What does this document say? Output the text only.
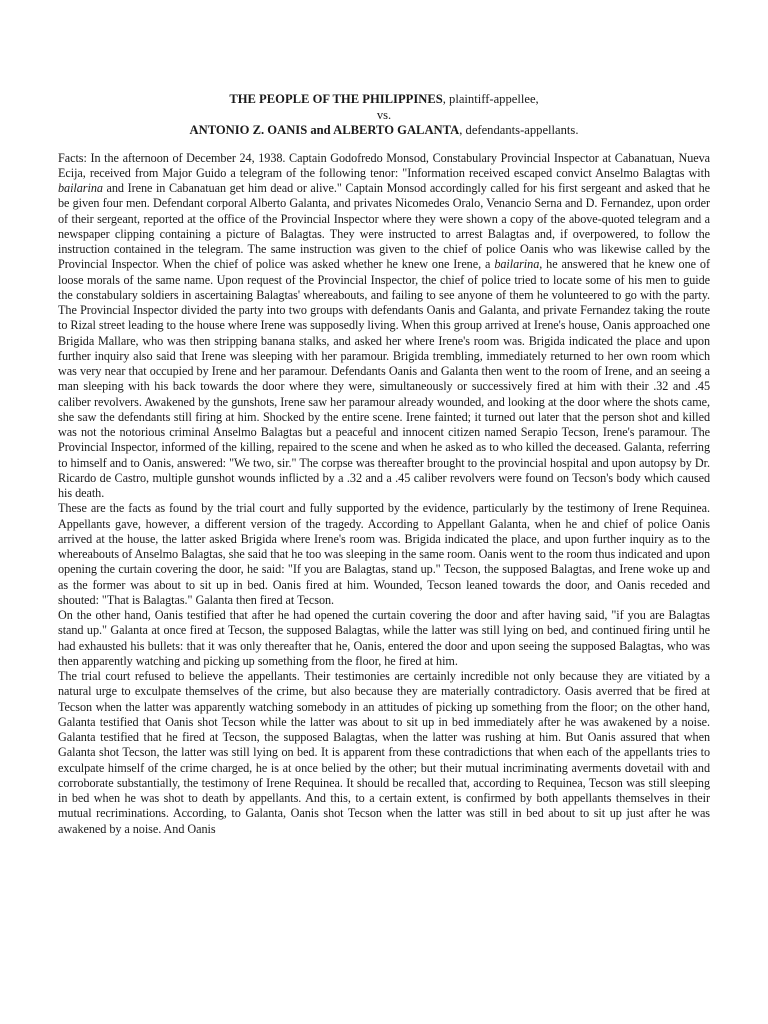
THE PEOPLE OF THE PHILIPPINES, plaintiff-appellee,
vs.
ANTONIO Z. OANIS and ALBERTO GALANTA, defendants-appellants.

Facts: In the afternoon of December 24, 1938. Captain Godofredo Monsod, Constabulary Provincial Inspector at Cabanatuan, Nueva Ecija, received from Major Guido a telegram of the following tenor: "Information received escaped convict Anselmo Balagtas with bailarina and Irene in Cabanatuan get him dead or alive." Captain Monsod accordingly called for his first sergeant and asked that he be given four men. Defendant corporal Alberto Galanta, and privates Nicomedes Oralo, Venancio Serna and D. Fernandez, upon order of their sergeant, reported at the office of the Provincial Inspector where they were shown a copy of the above-quoted telegram and a newspaper clipping containing a picture of Balagtas. They were instructed to arrest Balagtas and, if overpowered, to follow the instruction contained in the telegram. The same instruction was given to the chief of police Oanis who was likewise called by the Provincial Inspector. When the chief of police was asked whether he knew one Irene, a bailarina, he answered that he knew one of loose morals of the same name. Upon request of the Provincial Inspector, the chief of police tried to locate some of his men to guide the constabulary soldiers in ascertaining Balagtas' whereabouts, and failing to see anyone of them he volunteered to go with the party. The Provincial Inspector divided the party into two groups with defendants Oanis and Galanta, and private Fernandez taking the route to Rizal street leading to the house where Irene was supposedly living. When this group arrived at Irene's house, Oanis approached one Brigida Mallare, who was then stripping banana stalks, and asked her where Irene's room was. Brigida indicated the place and upon further inquiry also said that Irene was sleeping with her paramour. Brigida trembling, immediately returned to her own room which was very near that occupied by Irene and her paramour. Defendants Oanis and Galanta then went to the room of Irene, and an seeing a man sleeping with his back towards the door where they were, simultaneously or successively fired at him with their .32 and .45 caliber revolvers. Awakened by the gunshots, Irene saw her paramour already wounded, and looking at the door where the shots came, she saw the defendants still firing at him. Shocked by the entire scene. Irene fainted; it turned out later that the person shot and killed was not the notorious criminal Anselmo Balagtas but a peaceful and innocent citizen named Serapio Tecson, Irene's paramour. The Provincial Inspector, informed of the killing, repaired to the scene and when he asked as to who killed the deceased. Galanta, referring to himself and to Oanis, answered: "We two, sir." The corpse was thereafter brought to the provincial hospital and upon autopsy by Dr. Ricardo de Castro, multiple gunshot wounds inflicted by a .32 and a .45 caliber revolvers were found on Tecson's body which caused his death.

These are the facts as found by the trial court and fully supported by the evidence, particularly by the testimony of Irene Requinea. Appellants gave, however, a different version of the tragedy. According to Appellant Galanta, when he and chief of police Oanis arrived at the house, the latter asked Brigida where Irene's room was. Brigida indicated the place, and upon further inquiry as to the whereabouts of Anselmo Balagtas, she said that he too was sleeping in the same room. Oanis went to the room thus indicated and upon opening the curtain covering the door, he said: "If you are Balagtas, stand up." Tecson, the supposed Balagtas, and Irene woke up and as the former was about to sit up in bed. Oanis fired at him. Wounded, Tecson leaned towards the door, and Oanis receded and shouted: "That is Balagtas." Galanta then fired at Tecson.

On the other hand, Oanis testified that after he had opened the curtain covering the door and after having said, "if you are Balagtas stand up." Galanta at once fired at Tecson, the supposed Balagtas, while the latter was still lying on bed, and continued firing until he had exhausted his bullets: that it was only thereafter that he, Oanis, entered the door and upon seeing the supposed Balagtas, who was then apparently watching and picking up something from the floor, he fired at him.

The trial court refused to believe the appellants. Their testimonies are certainly incredible not only because they are vitiated by a natural urge to exculpate themselves of the crime, but also because they are materially contradictory. Oasis averred that be fired at Tecson when the latter was apparently watching somebody in an attitudes of picking up something from the floor; on the other hand, Galanta testified that Oanis shot Tecson while the latter was about to sit up in bed immediately after he was awakened by a noise. Galanta testified that he fired at Tecson, the supposed Balagtas, when the latter was rushing at him. But Oanis assured that when Galanta shot Tecson, the latter was still lying on bed. It is apparent from these contradictions that when each of the appellants tries to exculpate himself of the crime charged, he is at once belied by the other; but their mutual incriminating averments dovetail with and corroborate substantially, the testimony of Irene Requinea. It should be recalled that, according to Requinea, Tecson was still sleeping in bed when he was shot to death by appellants. And this, to a certain extent, is confirmed by both appellants themselves in their mutual recriminations. According, to Galanta, Oanis shot Tecson when the latter was still in bed about to sit up just after he was awakened by a noise. And Oanis
